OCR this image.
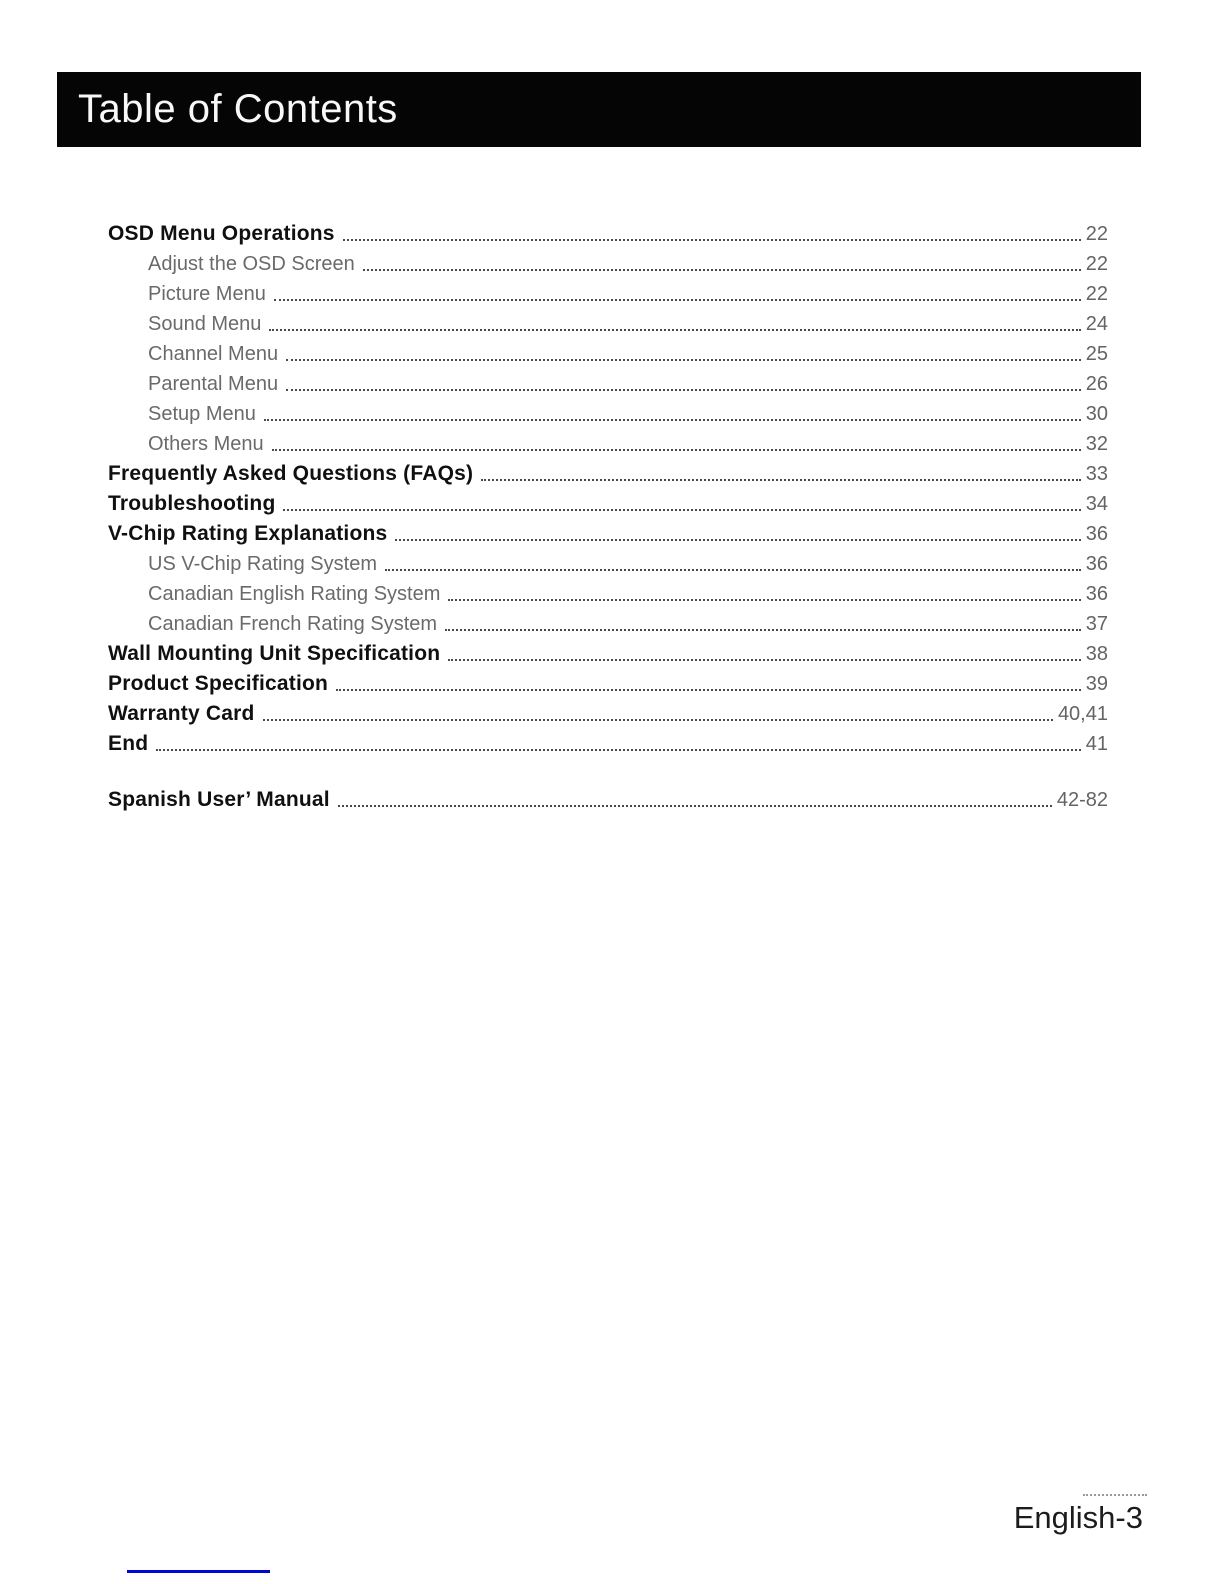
Table of Contents
OSD Menu Operations	22
Adjust the OSD Screen	22
Picture Menu	22
Sound Menu	24
Channel Menu	25
Parental Menu	26
Setup Menu	30
Others Menu	32
Frequently Asked Questions (FAQs)	33
Troubleshooting	34
V-Chip Rating Explanations	36
US V-Chip Rating System	36
Canadian English Rating System	36
Canadian French Rating System	37
Wall Mounting Unit Specification	38
Product Specification	39
Warranty Card	40,41
End	41
Spanish User’ Manual	42-82
English-3
